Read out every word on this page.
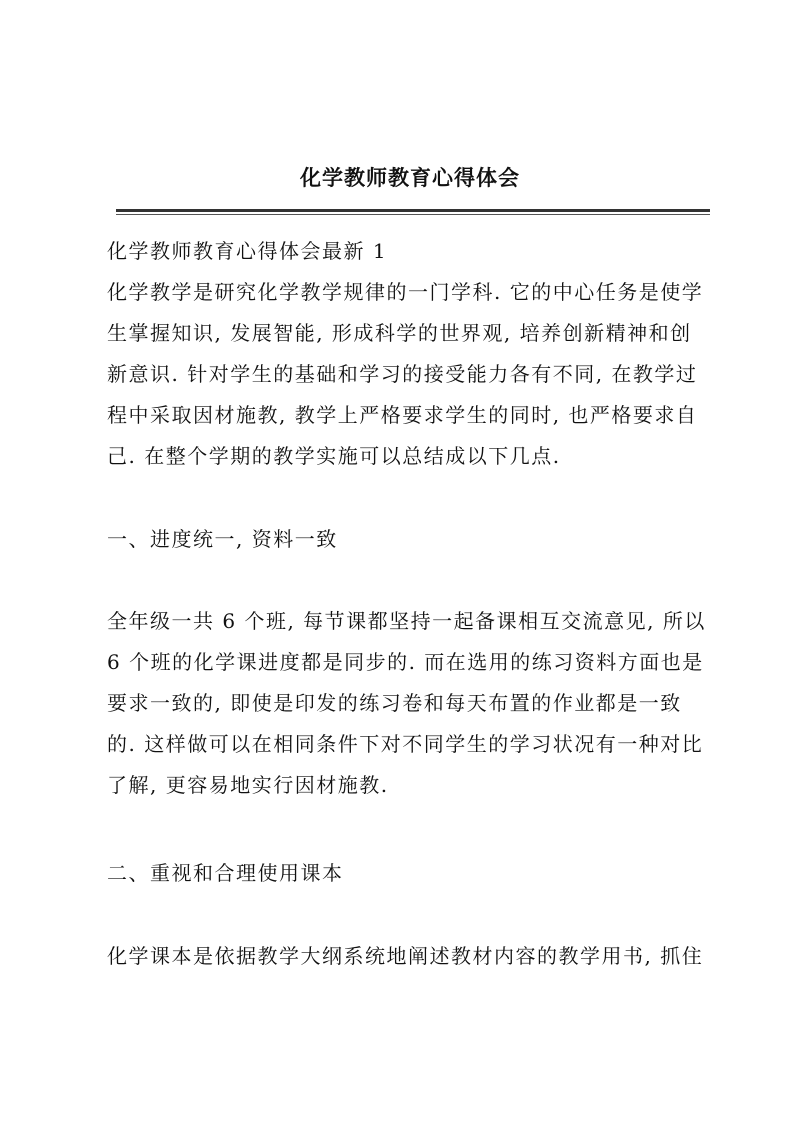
化学教师教育心得体会
化学教师教育心得体会最新 1
化学教学是研究化学教学规律的一门学科. 它的中心任务是使学
生掌握知识, 发展智能, 形成科学的世界观, 培养创新精神和创
新意识. 针对学生的基础和学习的接受能力各有不同, 在教学过
程中采取因材施教, 教学上严格要求学生的同时, 也严格要求自
己. 在整个学期的教学实施可以总结成以下几点.
一、进度统一, 资料一致
全年级一共 6 个班, 每节课都坚持一起备课相互交流意见, 所以
6 个班的化学课进度都是同步的. 而在选用的练习资料方面也是
要求一致的, 即使是印发的练习卷和每天布置的作业都是一致
的. 这样做可以在相同条件下对不同学生的学习状况有一种对比
了解, 更容易地实行因材施教.
二、重视和合理使用课本
化学课本是依据教学大纲系统地阐述教材内容的教学用书, 抓住
